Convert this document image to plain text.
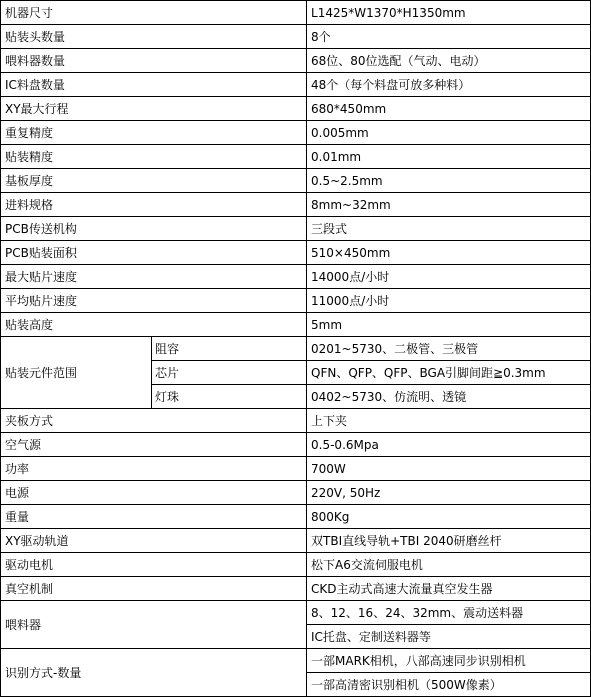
机器尺寸		L1425*W1370*H1350mm
贴装头数量		8个
喂料器数量		68位、80位选配（气动、电动）
IC料盘数量		48个（每个料盘可放多种料）
XY最大行程		680*450mm
重复精度		0.005mm
贴装精度		0.01mm
基板厚度		0.5~2.5mm
进料规格		8mm~32mm
PCB传送机构		三段式
PCB贴装面积		510×450mm
最大贴片速度		14000点/小时
平均贴片速度		11000点/小时
贴装高度		5mm
贴装元件范围	阻容	0201~5730、二极管、三极管
	芯片	QFN、QFP、QFP、BGA引脚间距≧0.3mm
	灯珠	0402~5730、仿流明、透镜
夹板方式		上下夹
空气源		0.5-0.6Mpa
功率		700W
电源		220V, 50Hz
重量		800Kg
XY驱动轨道		双TBI直线导轨+TBI 2040研磨丝杆
驱动电机		松下A6交流伺服电机
真空机制		CKD主动式高速大流量真空发生器
喂料器		8、12、16、24、32mm、震动送料器
		IC托盘、定制送料器等
识别方式-数量		一部MARK相机，八部高速同步识别相机
		一部高清密识别相机（500W像素）
